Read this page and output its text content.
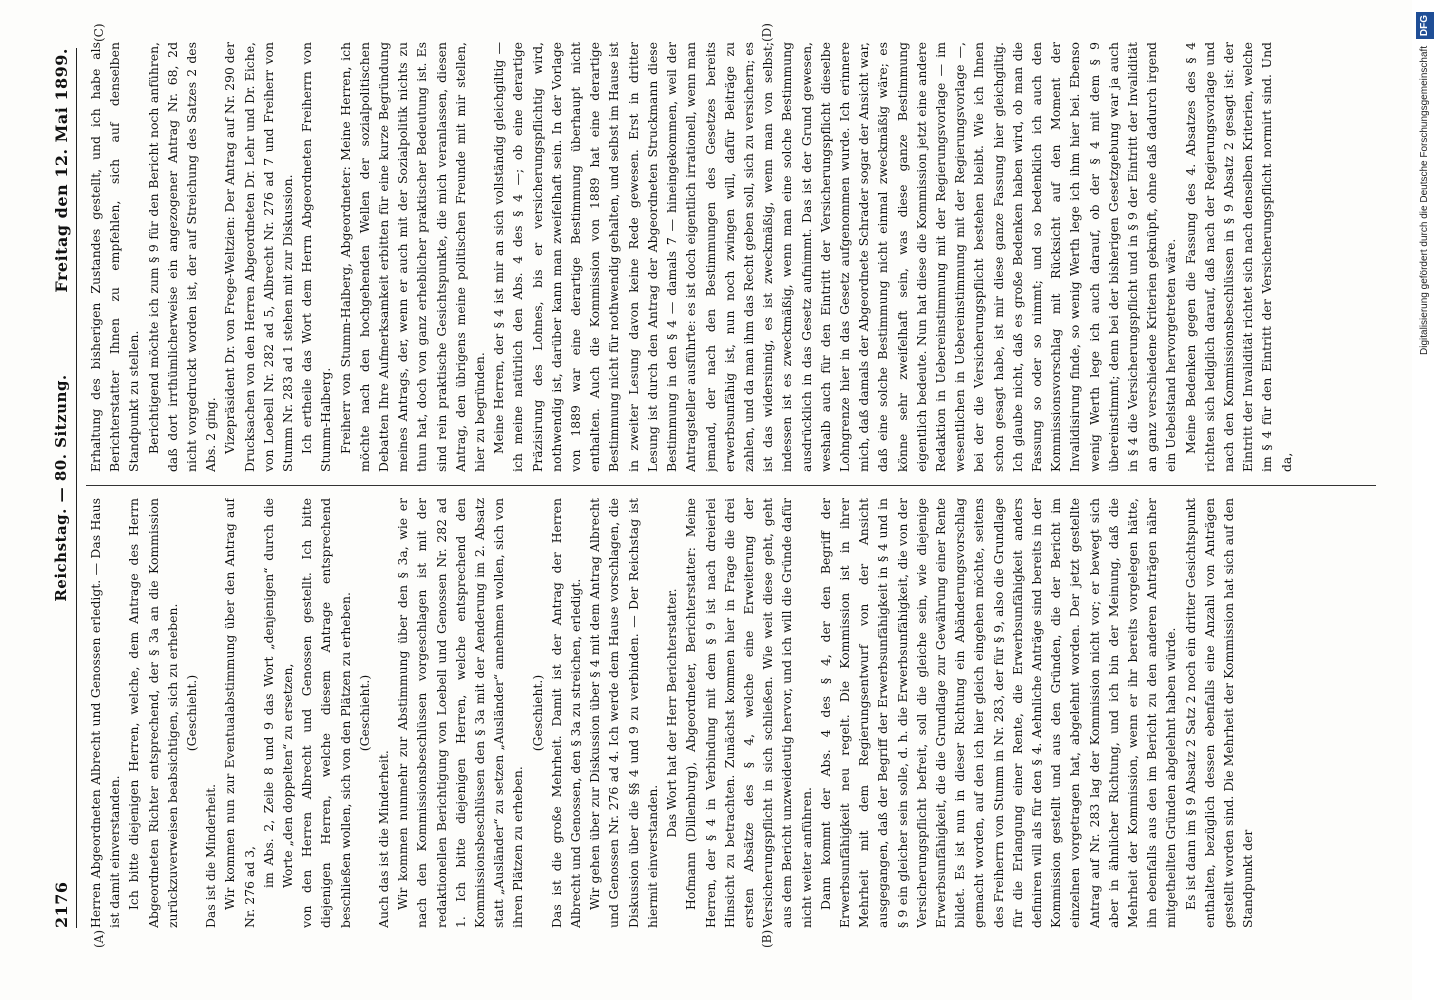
2176
Reichstag. — 80. Sitzung.
Freitag den 12. Mai 1899.
(A)	(B)
(C)	(D)

Herren Abgeordneten Albrecht und Genossen erledigt. — Das Haus ist damit einverstanden. Ich bitte diejenigen Herren, welche, dem Antrage des Herrn Abgeordneten Richter entsprechend, der § 3a an die Kommission zurückzuverweisen beabsichtigen, sich zu erheben. (Geschieht.)

Das ist die Minderheit. Wir kommen nun zur Eventualabstimmung über den Antrag auf Nr. 276 ad 3, im Abs. 2, Zeile 8 und 9 das Wort „denjenigen“ durch die Worte „den doppelten“ zu ersetzen, von den Herren Albrecht und Genossen gestellt. Ich bitte diejenigen Herren, welche diesem Antrage entsprechend beschließen wollen, sich von den Plätzen zu erheben. (Geschieht.)

Auch das ist die Minderheit. Wir kommen nunmehr zur Abstimmung über den § 3a, wie er nach den Kommissionsbeschlüssen vorgeschlagen ist mit der redaktionellen Berichtigung von Loebell und Genossen Nr. 282 ad 1. Ich bitte diejenigen Herren, welche entsprechend den Kommissionsbeschlüssen den § 3a mit der Aenderung im 2. Absatz statt „Ausländer“ zu setzen „Ausländer“ annehmen wollen, sich von ihren Plätzen zu erheben.

(Geschieht.) Das ist die große Mehrheit. Damit ist der Antrag der Herren Albrecht und Genossen, den § 3a zu streichen, erledigt. Wir gehen über zur Diskussion über § 4 mit dem Antrag Albrecht und Genossen Nr. 276 ad 4. Ich werde dem Hause vorschlagen, die Diskussion über die §§ 4 und 9 zu verbinden. — Der Reichstag ist hiermit einverstanden.

Das Wort hat der Herr Berichterstatter. Hofmann (Dillenburg), Abgeordneter, Berichterstatter: Meine Herren, der § 4 in Verbindung mit dem § 9 ist nach dreierlei Hinsicht zu betrachten. Zunächst kommen hier in Frage die drei ersten Absätze des § 4, welche eine Erweiterung der Versicherungspflicht in sich schließen. Wie weit diese geht, geht aus dem Bericht unzweideutig hervor, und ich will die Gründe dafür nicht weiter anführen. Dann kommt der Abs. 4 des § 4, der den Begriff der Erwerbsunfähigkeit neu regelt. Die Kommission ist in ihrer Mehrheit mit dem Regierungsentwurf von der Ansicht ausgegangen, daß der Begriff der Erwerbsunfähigkeit in § 4 und in § 9 ein gleicher sein solle, d. h. die Erwerbsunfähigkeit, die von der Versicherungspflicht befreit, soll die gleiche sein, wie diejenige Erwerbsunfähigkeit, die die Grundlage zur Gewährung einer Rente bildet. Es ist nun in dieser Richtung ein Abänderungsvorschlag gemacht worden, auf den ich hier gleich eingehen möchte, seitens des Freiherrn von Stumm in Nr. 283, der für § 9, also die Grundlage für die Erlangung einer Rente, die Erwerbsunfähigkeit anders definiren will als für den § 4. Aehnliche Anträge sind bereits in der Kommission gestellt und aus den Gründen, die der Bericht im einzelnen vorgetragen hat, abgelehnt worden. Der jetzt gestellte Antrag auf Nr. 283 lag der Kommission nicht vor; er bewegt sich aber in ähnlicher Richtung, und ich bin der Meinung, daß die Mehrheit der Kommission, wenn er ihr bereits vorgelegen hätte, ihn ebenfalls aus den im Bericht zu den anderen Anträgen näher mitgetheilten Gründen abgelehnt haben würde. Es ist dann im § 9 Absatz 2 Satz 2 noch ein dritter Gesichtspunkt enthalten, bezüglich dessen ebenfalls eine Anzahl von Anträgen gestellt worden sind. Die Mehrheit der Kommission hat sich auf den Standpunkt der

Erhaltung des bisherigen Zustandes gestellt, und ich habe als Berichterstatter Ihnen zu empfehlen, sich auf denselben Standpunkt zu stellen. Berichtigend möchte ich zum § 9 für den Bericht noch anführen, daß dort irrthümlicherweise ein angezogener Antrag Nr. 68, 2d nicht vorgedruckt worden ist, der auf Streichung des Satzes 2 des Abs. 2 ging. Vizepräsident Dr. von Frege-Weltzien: Der Antrag auf Nr. 290 der Drucksachen von den Herren Abgeordneten Dr. Lehr und Dr. Eiche, von Loebell Nr. 282 ad 5, Albrecht Nr. 276 ad 7 und Freiherr von Stumm Nr. 283 ad 1 stehen mit zur Diskussion. Ich ertheile das Wort dem Herrn Abgeordneten Freiherrn von Stumm-Halberg. Freiherr von Stumm-Halberg, Abgeordneter: Meine Herren, ich möchte nach den hochgehenden Wellen der sozialpolitischen Debatten Ihre Aufmerksamkeit erbitten für eine kurze Begründung meines Antrags, der, wenn er auch mit der Sozialpolitik nichts zu thun hat, doch von ganz erheblicher praktischer Bedeutung ist. Es sind rein praktische Gesichtspunkte, die mich veranlassen, diesen Antrag, den übrigens meine politischen Freunde mit mir stellen, hier zu begründen. Meine Herren, der § 4 ist mir an sich vollständig gleichgiltig — ich meine natürlich den Abs. 4 des § 4 —; ob eine derartige Präzisirung des Lohnes, bis er versicherungspflichtig wird, nothwendig ist, darüber kann man zweifelhaft sein. In der Vorlage von 1889 war eine derartige Bestimmung überhaupt nicht enthalten. Auch die Kommission von 1889 hat eine derartige Bestimmung nicht für nothwendig gehalten, und selbst im Hause ist in zweiter Lesung davon keine Rede gewesen. Erst in dritter Lesung ist durch den Antrag der Abgeordneten Struckmann diese Bestimmung in den § 4 — damals 7 — hineingekommen, weil der Antragsteller ausführte: es ist doch eigentlich irrationell, wenn man jemand, der nach den Bestimmungen des Gesetzes bereits erwerbsunfähig ist, nun noch zwingen will, dafür Beiträge zu zahlen, und da man ihm das Recht geben soll, sich zu versichern; es ist das widersinnig, es ist zweckmäßig, wenn man von selbst; indessen ist es zweckmäßig, wenn man eine solche Bestimmung ausdrücklich in das Gesetz aufnimmt. Das ist der Grund gewesen, weshalb auch für den Eintritt der Versicherungspflicht dieselbe Lohngrenze hier in das Gesetz aufgenommen wurde. Ich erinnere mich, daß damals der Abgeordnete Schrader sogar der Ansicht war, daß eine solche Bestimmung nicht einmal zweckmäßig wäre; es könne sehr zweifelhaft sein, was diese ganze Bestimmung eigentlich bedeute. Nun hat diese die Kommission jetzt eine andere Redaktion in Uebereinstimmung mit der Regierungsvorlage — im wesentlichen in Uebereinstimmung mit der Regierungsvorlage —, bei der die Versicherungspflicht bestehen bleibt. Wie ich Ihnen schon gesagt habe, ist mir diese ganze Fassung hier gleichgiltig. Ich glaube nicht, daß es große Bedenken haben wird, ob man die Fassung so oder so nimmt; und so bedenklich ich auch den Kommissionsvorschlag mit Rücksicht auf den Moment der Invalidisirung finde, so wenig Werth lege ich ihm hier bei. Ebenso wenig Werth lege ich auch darauf, ob der § 4 mit dem § 9 übereinstimmt; denn bei der bisherigen Gesetzgebung war ja auch in § 4 die Versicherungspflicht und in § 9 der Eintritt der Invalidität an ganz verschiedene Kriterien geknüpft, ohne daß dadurch irgend ein Uebelstand hervorgetreten wäre. Meine Bedenken gegen die Fassung des 4. Absatzes des § 4 richten sich lediglich darauf, daß nach der Regierungsvorlage und nach den Kommissionsbeschlüssen in § 9 Absatz 2 gesagt ist: der Eintritt der Invalidität richtet sich nach denselben Kriterien, welche im § 4 für den Eintritt der Versicherungspflicht normirt sind. Und da,

Digitalisierung gefördert durch die Deutsche Forschungsgemeinschaft DFG
